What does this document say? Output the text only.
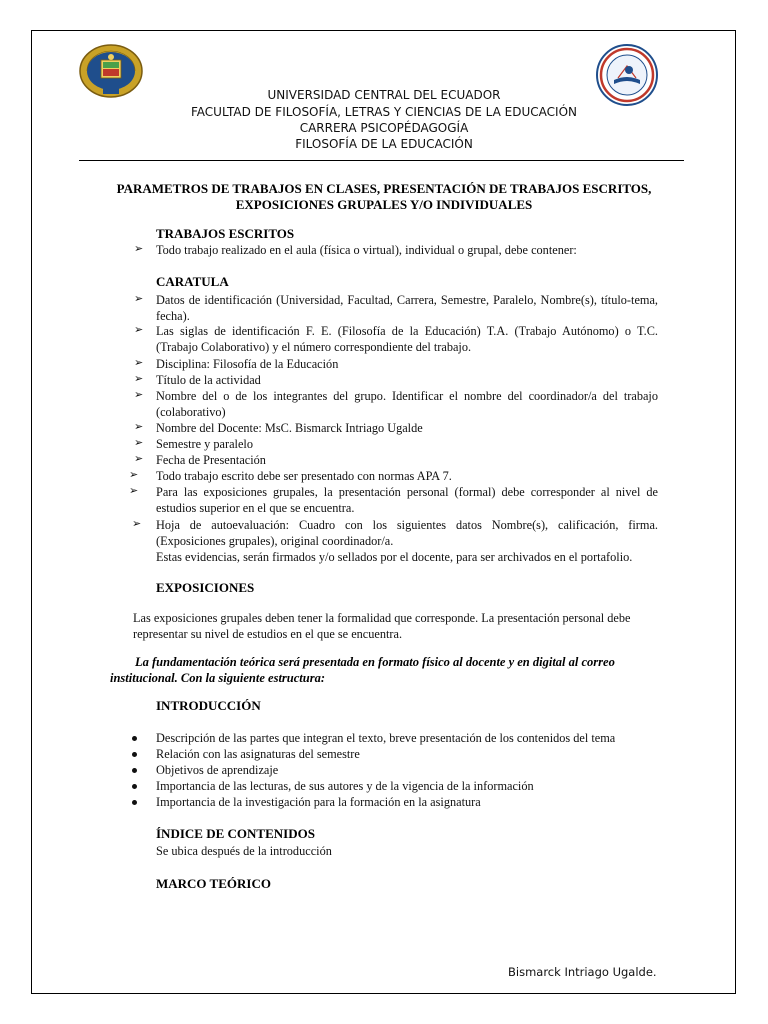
UNIVERSIDAD CENTRAL DEL ECUADOR
FACULTAD DE FILOSOFÍA, LETRAS Y CIENCIAS DE LA EDUCACIÓN
CARRERA PSICOPÉDAGOGÍA
FILOSOFÍA DE LA EDUCACIÓN
PARAMETROS DE TRABAJOS EN CLASES, PRESENTACIÓN DE TRABAJOS ESCRITOS,
EXPOSICIONES GRUPALES Y/O INDIVIDUALES
TRABAJOS ESCRITOS
➢ Todo trabajo realizado en el aula (física o virtual), individual o grupal, debe contener:
CARATULA
➢ Datos de identificación (Universidad, Facultad, Carrera, Semestre, Paralelo, Nombre(s), título-tema, fecha).
➢ Las siglas de identificación F. E. (Filosofía de la Educación) T.A. (Trabajo Autónomo) o T.C. (Trabajo Colaborativo) y el número correspondiente del trabajo.
➢ Disciplina: Filosofía de la Educación
➢ Título de la actividad
➢ Nombre del o de los integrantes del grupo. Identificar el nombre del coordinador/a del trabajo (colaborativo)
➢ Nombre del Docente: MsC. Bismarck Intriago Ugalde
➢ Semestre y paralelo
➢ Fecha de Presentación
➢ Todo trabajo escrito debe ser presentado con normas APA 7.
➢ Para las exposiciones grupales, la presentación personal (formal) debe corresponder al nivel de estudios superior en el que se encuentra.
➢ Hoja de autoevaluación: Cuadro con los siguientes datos Nombre(s), calificación, firma. (Exposiciones grupales), original coordinador/a.
Estas evidencias, serán firmados y/o sellados por el docente, para ser archivados en el portafolio.
EXPOSICIONES
Las exposiciones grupales deben tener la formalidad que corresponde. La presentación personal debe representar su nivel de estudios en el que se encuentra.
La fundamentación teórica será presentada en formato físico al docente y en digital al correo
institucional. Con la siguiente estructura:
INTRODUCCIÓN
Descripción de las partes que integran el texto, breve presentación de los contenidos del tema
Relación con las asignaturas del semestre
Objetivos de aprendizaje
Importancia de las lecturas, de sus autores y de la vigencia de la información
Importancia de la investigación para la formación en la asignatura
ÍNDICE DE CONTENIDOS
Se ubica después de la introducción
MARCO TEÓRICO
Bismarck Intriago Ugalde.
